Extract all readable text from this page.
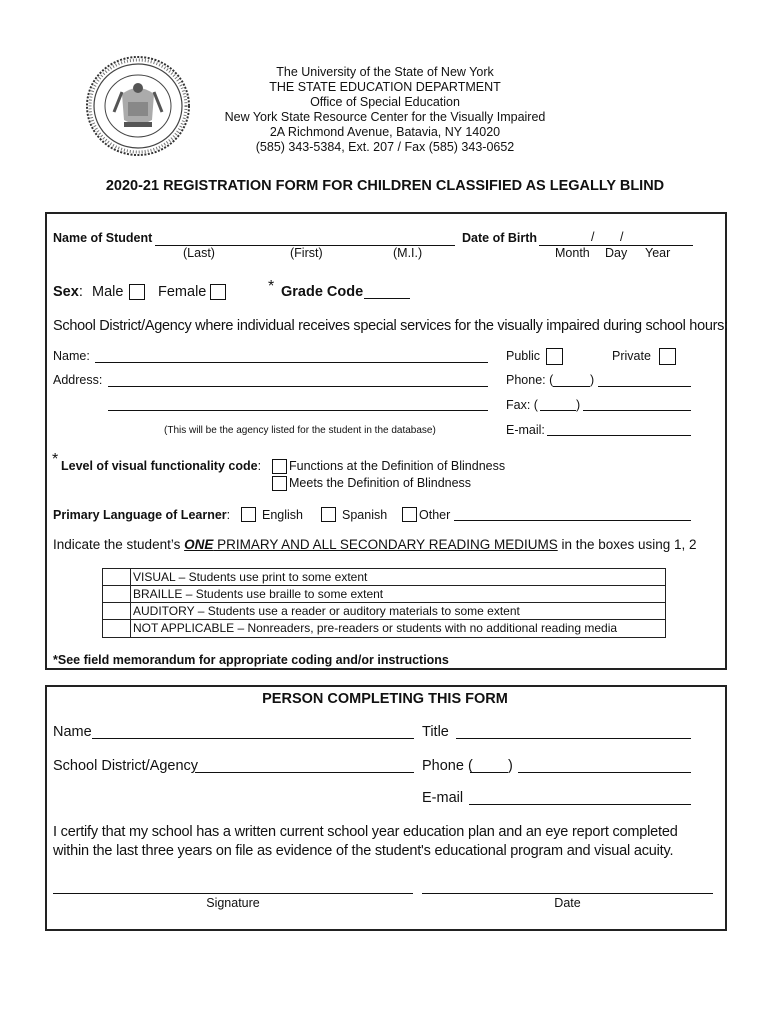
The University of the State of New York
THE STATE EDUCATION DEPARTMENT
Office of Special Education
New York State Resource Center for the Visually Impaired
2A Richmond Avenue, Batavia, NY 14020
(585) 343-5384, Ext. 207 / Fax (585) 343-0652
2020-21 REGISTRATION FORM FOR CHILDREN CLASSIFIED AS LEGALLY BLIND
Name of Student
(Last)	(First)	(M.I.)
Date of Birth	/ /
Month Day Year
Sex: Male Female	* Grade Code
School District/Agency where individual receives special services for the visually impaired during school hours:
Name:	Public	Private
Address:	Phone: (	)
Fax: (	)
(This will be the agency listed for the student in the database)	E-mail:
* Level of visual functionality code: Functions at the Definition of Blindness
Meets the Definition of Blindness
Primary Language of Learner:	English	Spanish	Other
Indicate the student’s ONE PRIMARY AND ALL SECONDARY READING MEDIUMS in the boxes using 1, 2
VISUAL – Students use print to some extent
BRAILLE – Students use braille to some extent
AUDITORY – Students use a reader or auditory materials to some extent
NOT APPLICABLE – Nonreaders, pre-readers or students with no additional reading media
*See field memorandum for appropriate coding and/or instructions
PERSON COMPLETING THIS FORM
Name	Title
School District/Agency	Phone ( )
E-mail
I certify that my school has a written current school year education plan and an eye report completed
within the last three years on file as evidence of the student's educational program and visual acuity.
Signature	Date
